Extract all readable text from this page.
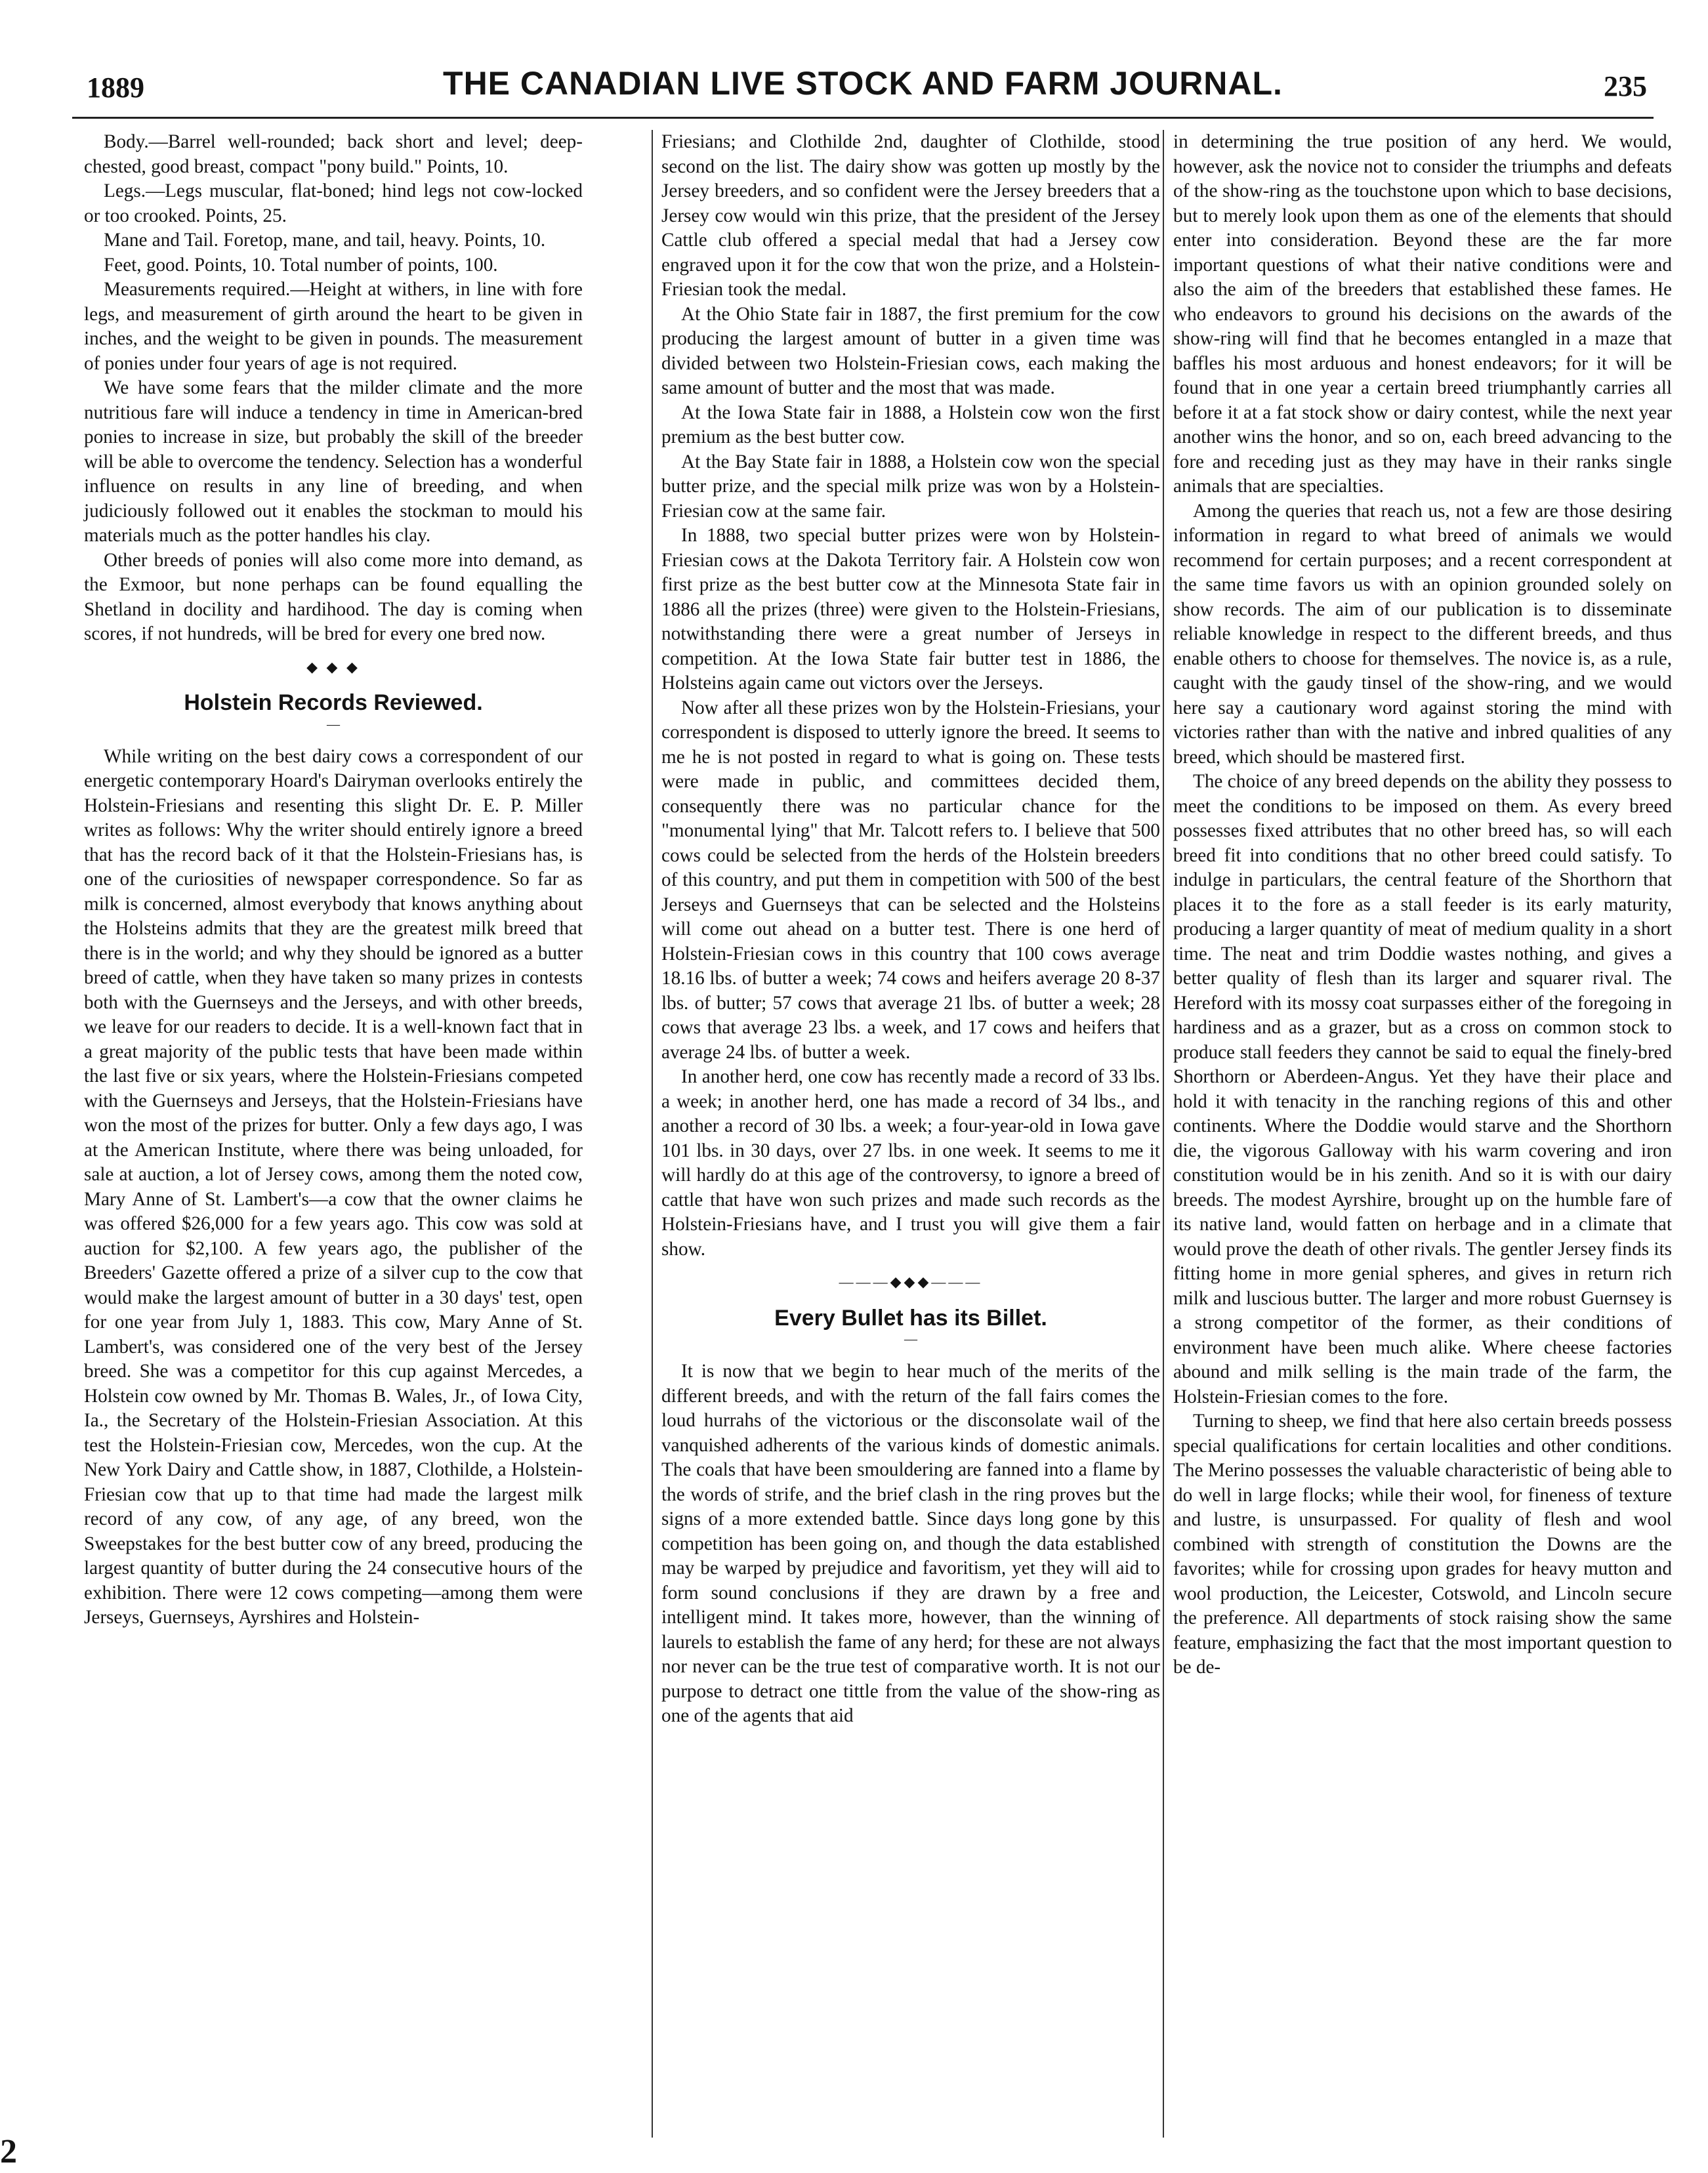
1889	THE CANADIAN LIVE STOCK AND FARM JOURNAL.	235

Body.—Barrel well-rounded; back short and level; deep-chested, good breast, compact "pony build." Points, 10.

Legs.—Legs muscular, flat-boned; hind legs not cow-locked or too crooked. Points, 25.

Mane and Tail. Foretop, mane, and tail, heavy. Points, 10.

Feet, good. Points, 10. Total number of points, 100.

Measurements required.—Height at withers, in line with fore legs, and measurement of girth around the heart to be given in inches, and the weight to be given in pounds. The measurement of ponies under four years of age is not required.

We have some fears that the milder climate and the more nutritious fare will induce a tendency in time in American-bred ponies to increase in size, but probably the skill of the breeder will be able to overcome the tendency. Selection has a wonderful influence on results in any line of breeding, and when judiciously followed out it enables the stockman to mould his materials much as the potter handles his clay.

Other breeds of ponies will also come more into demand, as the Exmoor, but none perhaps can be found equalling the Shetland in docility and hardihood. The day is coming when scores, if not hundreds, will be bred for every one bred now.

◆ ◆ ◆
Holstein Records Reviewed.
—

While writing on the best dairy cows a correspondent of our energetic contemporary Hoard's Dairyman overlooks entirely the Holstein-Friesians and resenting this slight Dr. E. P. Miller writes as follows: Why the writer should entirely ignore a breed that has the record back of it that the Holstein-Friesians has, is one of the curiosities of newspaper correspondence. So far as milk is concerned, almost everybody that knows anything about the Holsteins admits that they are the greatest milk breed that there is in the world; and why they should be ignored as a butter breed of cattle, when they have taken so many prizes in contests both with the Guernseys and the Jerseys, and with other breeds, we leave for our readers to decide. It is a well-known fact that in a great majority of the public tests that have been made within the last five or six years, where the Holstein-Friesians competed with the Guernseys and Jerseys, that the Holstein-Friesians have won the most of the prizes for butter. Only a few days ago, I was at the American Institute, where there was being unloaded, for sale at auction, a lot of Jersey cows, among them the noted cow, Mary Anne of St. Lambert's—a cow that the owner claims he was offered $26,000 for a few years ago. This cow was sold at auction for $2,100. A few years ago, the publisher of the Breeders' Gazette offered a prize of a silver cup to the cow that would make the largest amount of butter in a 30 days' test, open for one year from July 1, 1883. This cow, Mary Anne of St. Lambert's, was considered one of the very best of the Jersey breed. She was a competitor for this cup against Mercedes, a Holstein cow owned by Mr. Thomas B. Wales, Jr., of Iowa City, Ia., the Secretary of the Holstein-Friesian Association. At this test the Holstein-Friesian cow, Mercedes, won the cup. At the New York Dairy and Cattle show, in 1887, Clothilde, a Holstein-Friesian cow that up to that time had made the largest milk record of any cow, of any age, of any breed, won the Sweepstakes for the best butter cow of any breed, producing the largest quantity of butter during the 24 consecutive hours of the exhibition. There were 12 cows competing—among them were Jerseys, Guernseys, Ayrshires and Holstein-

Friesians; and Clothilde 2nd, daughter of Clothilde, stood second on the list. The dairy show was gotten up mostly by the Jersey breeders, and so confident were the Jersey breeders that a Jersey cow would win this prize, that the president of the Jersey Cattle club offered a special medal that had a Jersey cow engraved upon it for the cow that won the prize, and a Holstein-Friesian took the medal.

At the Ohio State fair in 1887, the first premium for the cow producing the largest amount of butter in a given time was divided between two Holstein-Friesian cows, each making the same amount of butter and the most that was made.

At the Iowa State fair in 1888, a Holstein cow won the first premium as the best butter cow.

At the Bay State fair in 1888, a Holstein cow won the special butter prize, and the special milk prize was won by a Holstein-Friesian cow at the same fair.

In 1888, two special butter prizes were won by Holstein-Friesian cows at the Dakota Territory fair. A Holstein cow won first prize as the best butter cow at the Minnesota State fair in 1886 all the prizes (three) were given to the Holstein-Friesians, notwithstanding there were a great number of Jerseys in competition. At the Iowa State fair butter test in 1886, the Holsteins again came out victors over the Jerseys.

Now after all these prizes won by the Holstein-Friesians, your correspondent is disposed to utterly ignore the breed. It seems to me he is not posted in regard to what is going on. These tests were made in public, and committees decided them, consequently there was no particular chance for the "monumental lying" that Mr. Talcott refers to. I believe that 500 cows could be selected from the herds of the Holstein breeders of this country, and put them in competition with 500 of the best Jerseys and Guernseys that can be selected and the Holsteins will come out ahead on a butter test. There is one herd of Holstein-Friesian cows in this country that 100 cows average 18.16 lbs. of butter a week; 74 cows and heifers average 20 8-37 lbs. of butter; 57 cows that average 21 lbs. of butter a week; 28 cows that average 23 lbs. a week, and 17 cows and heifers that average 24 lbs. of butter a week.

In another herd, one cow has recently made a record of 33 lbs. a week; in another herd, one has made a record of 34 lbs., and another a record of 30 lbs. a week; a four-year-old in Iowa gave 101 lbs. in 30 days, over 27 lbs. in one week. It seems to me it will hardly do at this age of the controversy, to ignore a breed of cattle that have won such prizes and made such records as the Holstein-Friesians have, and I trust you will give them a fair show.

———◆◆◆———
Every Bullet has its Billet.
—

It is now that we begin to hear much of the merits of the different breeds, and with the return of the fall fairs comes the loud hurrahs of the victorious or the disconsolate wail of the vanquished adherents of the various kinds of domestic animals. The coals that have been smouldering are fanned into a flame by the words of strife, and the brief clash in the ring proves but the signs of a more extended battle. Since days long gone by this competition has been going on, and though the data established may be warped by prejudice and favoritism, yet they will aid to form sound conclusions if they are drawn by a free and intelligent mind. It takes more, however, than the winning of laurels to establish the fame of any herd; for these are not always nor never can be the true test of comparative worth. It is not our purpose to detract one tittle from the value of the show-ring as one of the agents that aid

in determining the true position of any herd. We would, however, ask the novice not to consider the triumphs and defeats of the show-ring as the touchstone upon which to base decisions, but to merely look upon them as one of the elements that should enter into consideration. Beyond these are the far more important questions of what their native conditions were and also the aim of the breeders that established these fames. He who endeavors to ground his decisions on the awards of the show-ring will find that he becomes entangled in a maze that baffles his most arduous and honest endeavors; for it will be found that in one year a certain breed triumphantly carries all before it at a fat stock show or dairy contest, while the next year another wins the honor, and so on, each breed advancing to the fore and receding just as they may have in their ranks single animals that are specialties.

Among the queries that reach us, not a few are those desiring information in regard to what breed of animals we would recommend for certain purposes; and a recent correspondent at the same time favors us with an opinion grounded solely on show records. The aim of our publication is to disseminate reliable knowledge in respect to the different breeds, and thus enable others to choose for themselves. The novice is, as a rule, caught with the gaudy tinsel of the show-ring, and we would here say a cautionary word against storing the mind with victories rather than with the native and inbred qualities of any breed, which should be mastered first.

The choice of any breed depends on the ability they possess to meet the conditions to be imposed on them. As every breed possesses fixed attributes that no other breed has, so will each breed fit into conditions that no other breed could satisfy. To indulge in particulars, the central feature of the Shorthorn that places it to the fore as a stall feeder is its early maturity, producing a larger quantity of meat of medium quality in a short time. The neat and trim Doddie wastes nothing, and gives a better quality of flesh than its larger and squarer rival. The Hereford with its mossy coat surpasses either of the foregoing in hardiness and as a grazer, but as a cross on common stock to produce stall feeders they cannot be said to equal the finely-bred Shorthorn or Aberdeen-Angus. Yet they have their place and hold it with tenacity in the ranching regions of this and other continents. Where the Doddie would starve and the Shorthorn die, the vigorous Galloway with his warm covering and iron constitution would be in his zenith. And so it is with our dairy breeds. The modest Ayrshire, brought up on the humble fare of its native land, would fatten on herbage and in a climate that would prove the death of other rivals. The gentler Jersey finds its fitting home in more genial spheres, and gives in return rich milk and luscious butter. The larger and more robust Guernsey is a strong competitor of the former, as their conditions of environment have been much alike. Where cheese factories abound and milk selling is the main trade of the farm, the Holstein-Friesian comes to the fore.

Turning to sheep, we find that here also certain breeds possess special qualifications for certain localities and other conditions. The Merino possesses the valuable characteristic of being able to do well in large flocks; while their wool, for fineness of texture and lustre, is unsurpassed. For quality of flesh and wool combined with strength of constitution the Downs are the favorites; while for crossing upon grades for heavy mutton and wool production, the Leicester, Cotswold, and Lincoln secure the preference. All departments of stock raising show the same feature, emphasizing the fact that the most important question to be de-

2
